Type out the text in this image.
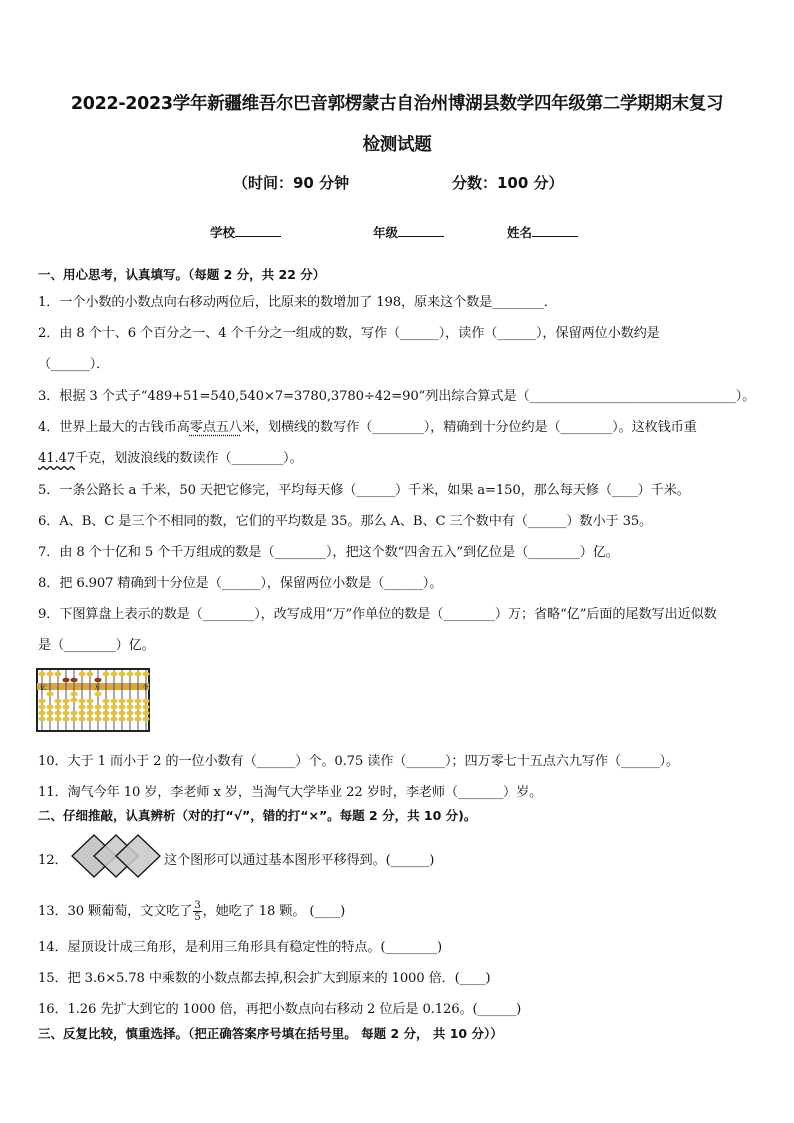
2022-2023学年新疆维吾尔巴音郭楞蒙古自治州博湖县数学四年级第二学期期末复习
检测试题
（时间：90 分钟	分数：100 分）
学校	年级	姓名
一、用心思考，认真填写。（每题 2 分，共 22 分）
1．一个小数的小数点向右移动两位后，比原来的数增加了 198，原来这个数是________．
2．由 8 个十、6 个百分之一、4 个千分之一组成的数，写作（______），读作（______），保留两位小数约是
（______）．
3．根据 3 个式子“489+51=540,540×7=3780,3780÷42=90”列出综合算式是（________________________________）。
4．世界上最大的古钱币高零点五八米，划横线的数写作（________），精确到十分位约是（________）。这枚钱币重
41.47千克，划波浪线的数读作（________）。
5．一条公路长 a 千米，50 天把它修完，平均每天修（______）千米，如果 a=150，那么每天修（____）千米。
6．A、B、C 是三个不相同的数，它们的平均数是 35。那么 A、B、C 三个数中有（______）数小于 35。
7．由 8 个十亿和 5 个千万组成的数是（________），把这个数“四舍五入”到亿位是（________）亿。
8．把 6.907 精确到十分位是（______），保留两位小数是（______）。
9．下图算盘上表示的数是（________），改写成用“万”作单位的数是（________）万；省略“亿”后面的尾数写出近似数
是（________）亿。
亿	万	个
10．大于 1 而小于 2 的一位小数有（______）个。0.75 读作（______）；四万零七十五点六九写作（______）。
11．淘气今年 10 岁，李老师 x 岁，当淘气大学毕业 22 岁时，李老师（_______）岁。
二、仔细推敲，认真辨析（对的打“√”，错的打“×”。每题 2 分，共 10 分)。
12．	这个图形可以通过基本图形平移得到。(______)
13．30 颗葡萄，文文吃了 $\frac{3}{5}$ ，她吃了 18 颗。 (____)
14．屋顶设计成三角形，是利用三角形具有稳定性的特点。(________)
15．把 3.6×5.78 中乘数的小数点都去掉,积会扩大到原来的 1000 倍．(____)
16．1.26 先扩大到它的 1000 倍，再把小数点向右移动 2 位后是 0.126。(______)
三、反复比较，慎重选择。（把正确答案序号填在括号里。 每题 2 分， 共 10 分））
